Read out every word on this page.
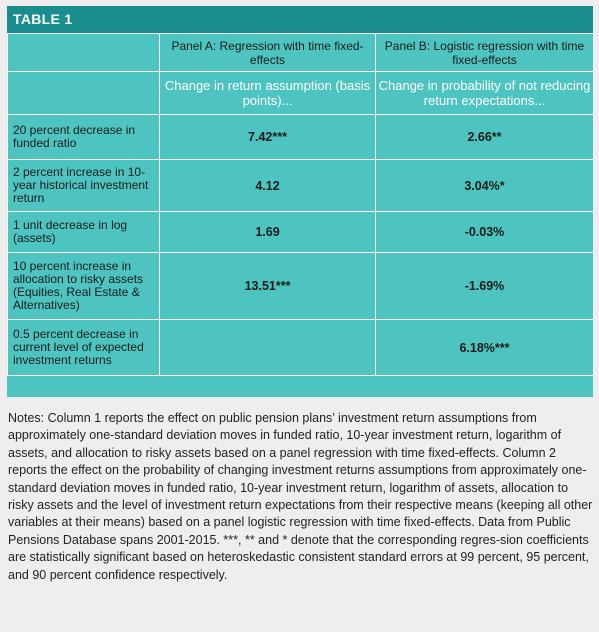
TABLE 1
	Panel A: Regression with time fixed-effects	Panel B: Logistic regression with time fixed-effects
	Change in return assumption (basis points)...	Change in probability of not reducing return expectations...
20 percent decrease in funded ratio	7.42***	2.66**
2 percent increase in 10-year historical investment return	4.12	3.04%*
1 unit decrease in log (assets)	1.69	-0.03%
10 percent increase in allocation to risky assets (Equities, Real Estate & Alternatives)	13.51***	-1.69%
0.5 percent decrease in current level of expected investment returns		6.18%***
Notes: Column 1 reports the effect on public pension plans’ investment return assumptions from approximately one-standard deviation moves in funded ratio, 10-year investment return, logarithm of assets, and allocation to risky assets based on a panel regression with time fixed-effects. Column 2 reports the effect on the probability of changing investment returns assumptions from approximately one-standard deviation moves in funded ratio, 10-year investment return, logarithm of assets, allocation to risky assets and the level of investment return expectations from their respective means (keeping all other variables at their means) based on a panel logistic regression with time fixed-effects. Data from Public Pensions Database spans 2001-2015. ***, ** and * denote that the corresponding regres-sion coefficients are statistically significant based on heteroskedastic consistent standard errors at 99 percent, 95 percent, and 90 percent confidence respectively.
